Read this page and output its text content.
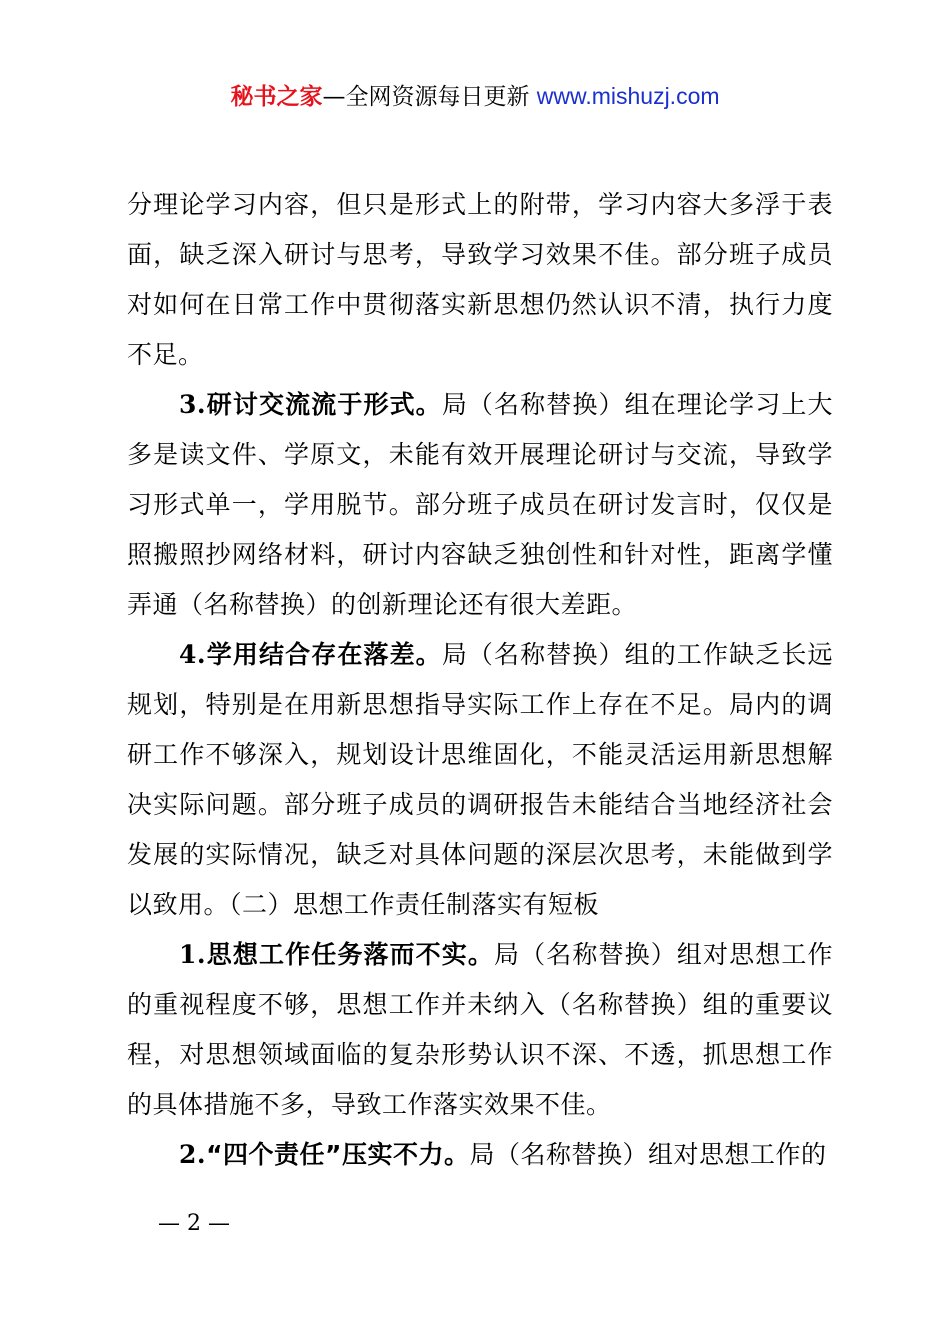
秘书之家—全网资源每日更新 www.mishuzj.com

分理论学习内容，但只是形式上的附带，学习内容大多浮于表面，缺乏深入研讨与思考，导致学习效果不佳。部分班子成员对如何在日常工作中贯彻落实新思想仍然认识不清，执行力度不足。

3.研讨交流流于形式。局（名称替换）组在理论学习上大多是读文件、学原文，未能有效开展理论研讨与交流，导致学习形式单一，学用脱节。部分班子成员在研讨发言时，仅仅是照搬照抄网络材料，研讨内容缺乏独创性和针对性，距离学懂弄通（名称替换）的创新理论还有很大差距。

4.学用结合存在落差。局（名称替换）组的工作缺乏长远规划，特别是在用新思想指导实际工作上存在不足。局内的调研工作不够深入，规划设计思维固化，不能灵活运用新思想解决实际问题。部分班子成员的调研报告未能结合当地经济社会发展的实际情况，缺乏对具体问题的深层次思考，未能做到学以致用。（二）思想工作责任制落实有短板

1.思想工作任务落而不实。局（名称替换）组对思想工作的重视程度不够，思想工作并未纳入（名称替换）组的重要议程，对思想领域面临的复杂形势认识不深、不透，抓思想工作的具体措施不多，导致工作落实效果不佳。

2.“四个责任”压实不力。局（名称替换）组对思想工作的

— 2 —
